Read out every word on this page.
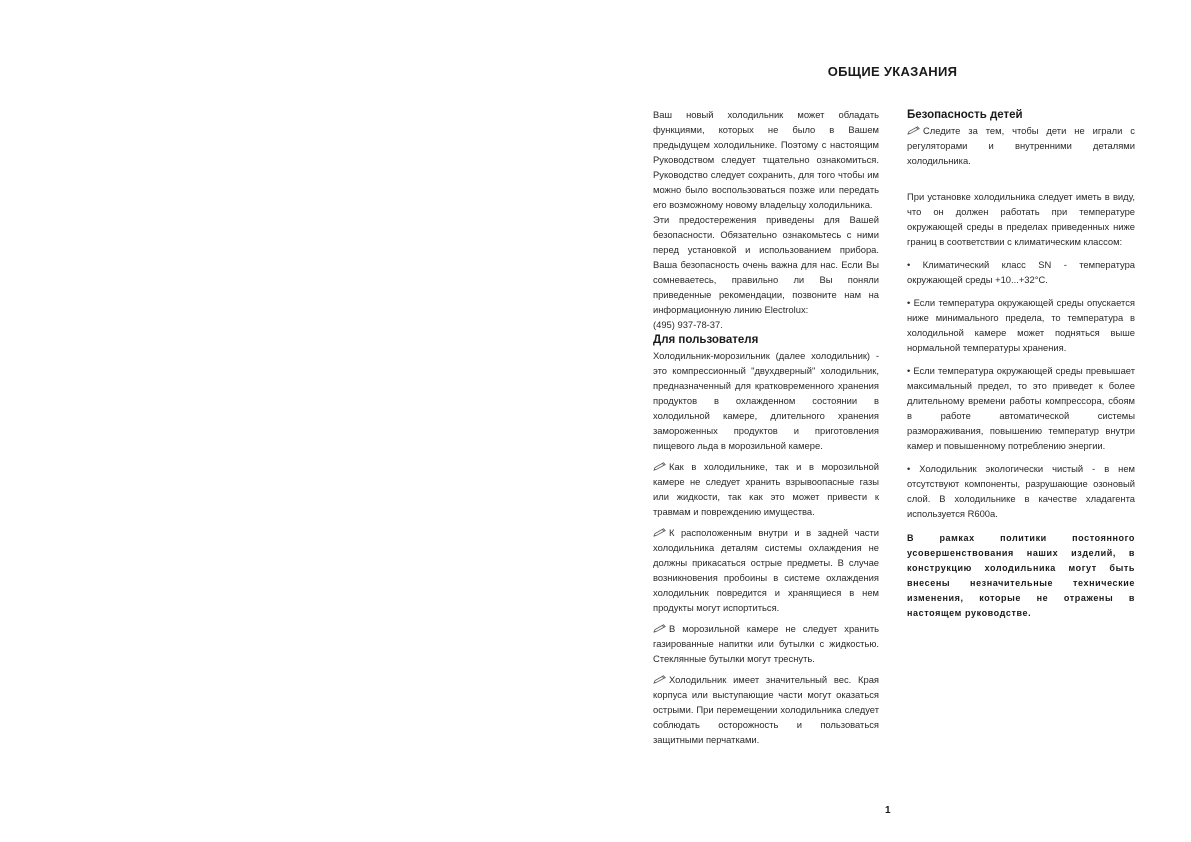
ОБЩИЕ УКАЗАНИЯ

Ваш новый холодильник может обладать функциями, которых не было в Вашем предыдущем холодильнике. Поэтому с настоящим Руководством следует тщательно ознакомиться. Руководство следует сохранить, для того чтобы им можно было воспользоваться позже или передать его возможному новому владельцу холодильника.

Эти предостережения приведены для Вашей безопасности. Обязательно ознакомьтесь с ними перед установкой и использованием прибора. Ваша безопасность очень важна для нас. Если Вы сомневаетесь, правильно ли Вы поняли приведенные рекомендации, позвоните нам на информационную линию Electrolux:

(495) 937-78-37.

Для пользователя

Холодильник-морозильник (далее холодильник) - это компрессионный "двухдверный" холодильник, предназначенный для кратковременного хранения продуктов в охлажденном состоянии в холодильной камере, длительного хранения замороженных продуктов и приготовления пищевого льда в морозильной камере.

Как в холодильнике, так и в морозильной камере не следует хранить взрывоопасные газы или жидкости, так как это может привести к травмам и повреждению имущества.

К расположенным внутри и в задней части холодильника деталям системы охлаждения не должны прикасаться острые предметы. В случае возникновения пробоины в системе охлаждения холодильник повредится и хранящиеся в нем продукты могут испортиться.

В морозильной камере не следует хранить газированные напитки или бутылки с жидкостью. Стеклянные бутылки могут треснуть.

Холодильник имеет значительный вес. Края корпуса или выступающие части могут оказаться острыми. При перемещении холодильника следует соблюдать осторожность и пользоваться защитными перчатками.

Безопасность детей

Следите за тем, чтобы дети не играли с регуляторами и внутренними деталями холодильника.

При установке холодильника следует иметь в виду, что он должен работать при температуре окружающей среды в пределах приведенных ниже границ в соответствии с климатическим классом:

• Климатический класс SN - температура окружающей среды +10...+32°C.

• Если температура окружающей среды опускается ниже минимального предела, то температура в холодильной камере может подняться выше нормальной температуры хранения.

• Если температура окружающей среды превышает максимальный предел, то это приведет к более длительному времени работы компрессора, сбоям в работе автоматической системы размораживания, повышению температур внутри камер и повышенному потреблению энергии.

• Холодильник экологически чистый - в нем отсутствуют компоненты, разрушающие озоновый слой. В холодильнике в качестве хладагента используется R600a.

В рамках политики постоянного усовершенствования наших изделий, в конструкцию холодильника могут быть внесены незначительные технические изменения, которые не отражены в настоящем руководстве.

1
